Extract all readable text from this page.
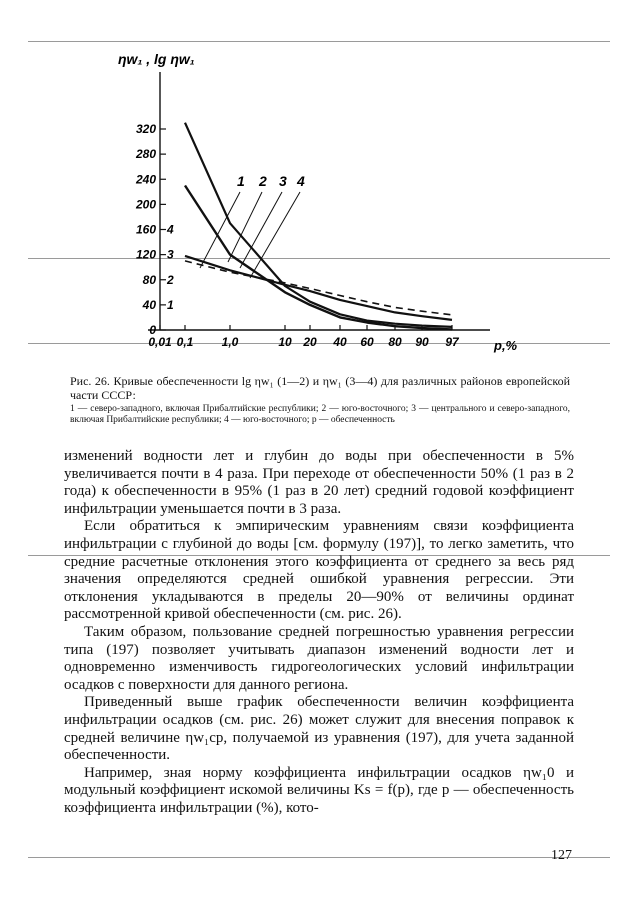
0
40
80
120
160
200
240
280
320
1
2
3
4
0,01 0,1 1,0	10 20 40 60 80 90 97
1 2 3 4
ηw₁ , lg ηw₁
p,%

Рис. 26. Кривые обеспеченности lg ηw₁ (1—2) и ηw₁ (3—4) для различных районов европейской части СССР:

1 — северо-западного, включая Прибалтийские республики; 2 — юго-восточного; 3 — центрального и северо-западного, включая Прибалтийские республики; 4 — юго-восточного; p — обеспеченность

изменений водности лет и глубин до воды при обеспеченности в 5% увеличивается почти в 4 раза. При переходе от обеспеченности 50% (1 раз в 2 года) к обеспеченности в 95% (1 раз в 20 лет) средний годовой коэффициент инфильтрации уменьшается почти в 3 раза.

Если обратиться к эмпирическим уравнениям связи коэффициента инфильтрации с глубиной до воды [см. формулу (197)], то легко заметить, что средние расчетные отклонения этого коэффициента от среднего за весь ряд значения определяются средней ошибкой уравнения регрессии. Эти отклонения укладываются в пределы 20—90% от величины ординат рассмотренной кривой обеспеченности (см. рис. 26).

Таким образом, пользование средней погрешностью уравнения регрессии типа (197) позволяет учитывать диапазон изменений водности лет и одновременно изменчивость гидрогеологических условий инфильтрации осадков с поверхности для данного региона.

Приведенный выше график обеспеченности величин коэффициента инфильтрации осадков (см. рис. 26) может служит для внесения поправок к средней величине ηw₁ср, получаемой из уравнения (197), для учета заданной обеспеченности.

Например, зная норму коэффициента инфильтрации осадков ηw₁0 и модульный коэффициент искомой величины Ks = f(p), где p — обеспеченность коэффициента инфильтрации (%), кото-

127
